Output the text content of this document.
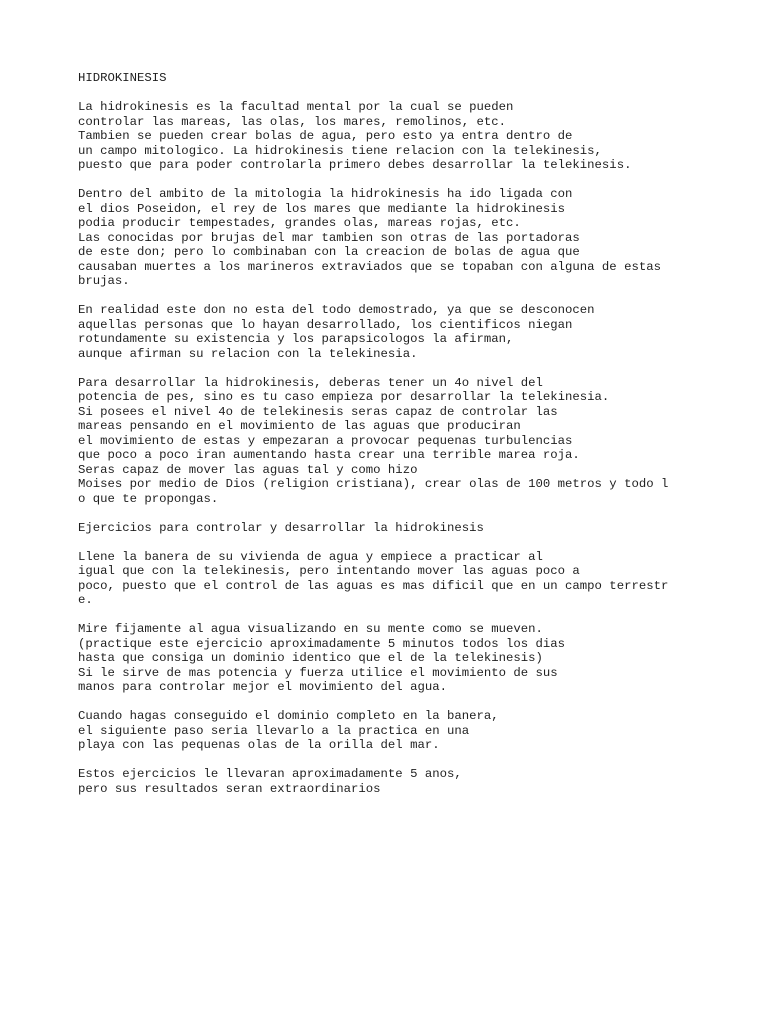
HIDROKINESIS
La hidrokinesis es la facultad mental por la cual se pueden
controlar las mareas, las olas, los mares, remolinos, etc.
Tambien se pueden crear bolas de agua, pero esto ya entra dentro de
un campo mitologico. La hidrokinesis tiene relacion con la telekinesis,
puesto que para poder controlarla primero debes desarrollar la telekinesis.
Dentro del ambito de la mitologia la hidrokinesis ha ido ligada con
el dios Poseidon, el rey de los mares que mediante la hidrokinesis
podia producir tempestades, grandes olas, mareas rojas, etc.
Las conocidas por brujas del mar tambien son otras de las portadoras
de este don; pero lo combinaban con la creacion de bolas de agua que
causaban muertes a los marineros extraviados que se topaban con alguna de estas
brujas.
En realidad este don no esta del todo demostrado, ya que se desconocen
aquellas personas que lo hayan desarrollado, los cientificos niegan
rotundamente su existencia y los parapsicologos la afirman,
aunque afirman su relacion con la telekinesia.
Para desarrollar la hidrokinesis, deberas tener un 4o nivel del
potencia de pes, sino es tu caso empieza por desarrollar la telekinesia.
Si posees el nivel 4o de telekinesis seras capaz de controlar las
mareas pensando en el movimiento de las aguas que produciran
el movimiento de estas y empezaran a provocar pequenas turbulencias
que poco a poco iran aumentando hasta crear una terrible marea roja.
Seras capaz de mover las aguas tal y como hizo
Moises por medio de Dios (religion cristiana), crear olas de 100 metros y todo l
o que te propongas.
Ejercicios para controlar y desarrollar la hidrokinesis
Llene la banera de su vivienda de agua y empiece a practicar al
igual que con la telekinesis, pero intentando mover las aguas poco a
poco, puesto que el control de las aguas es mas dificil que en un campo terrestr
e.
Mire fijamente al agua visualizando en su mente como se mueven.
(practique este ejercicio aproximadamente 5 minutos todos los dias
hasta que consiga un dominio identico que el de la telekinesis)
Si le sirve de mas potencia y fuerza utilice el movimiento de sus
manos para controlar mejor el movimiento del agua.
Cuando hagas conseguido el dominio completo en la banera,
el siguiente paso seria llevarlo a la practica en una
playa con las pequenas olas de la orilla del mar.
Estos ejercicios le llevaran aproximadamente 5 anos,
pero sus resultados seran extraordinarios
